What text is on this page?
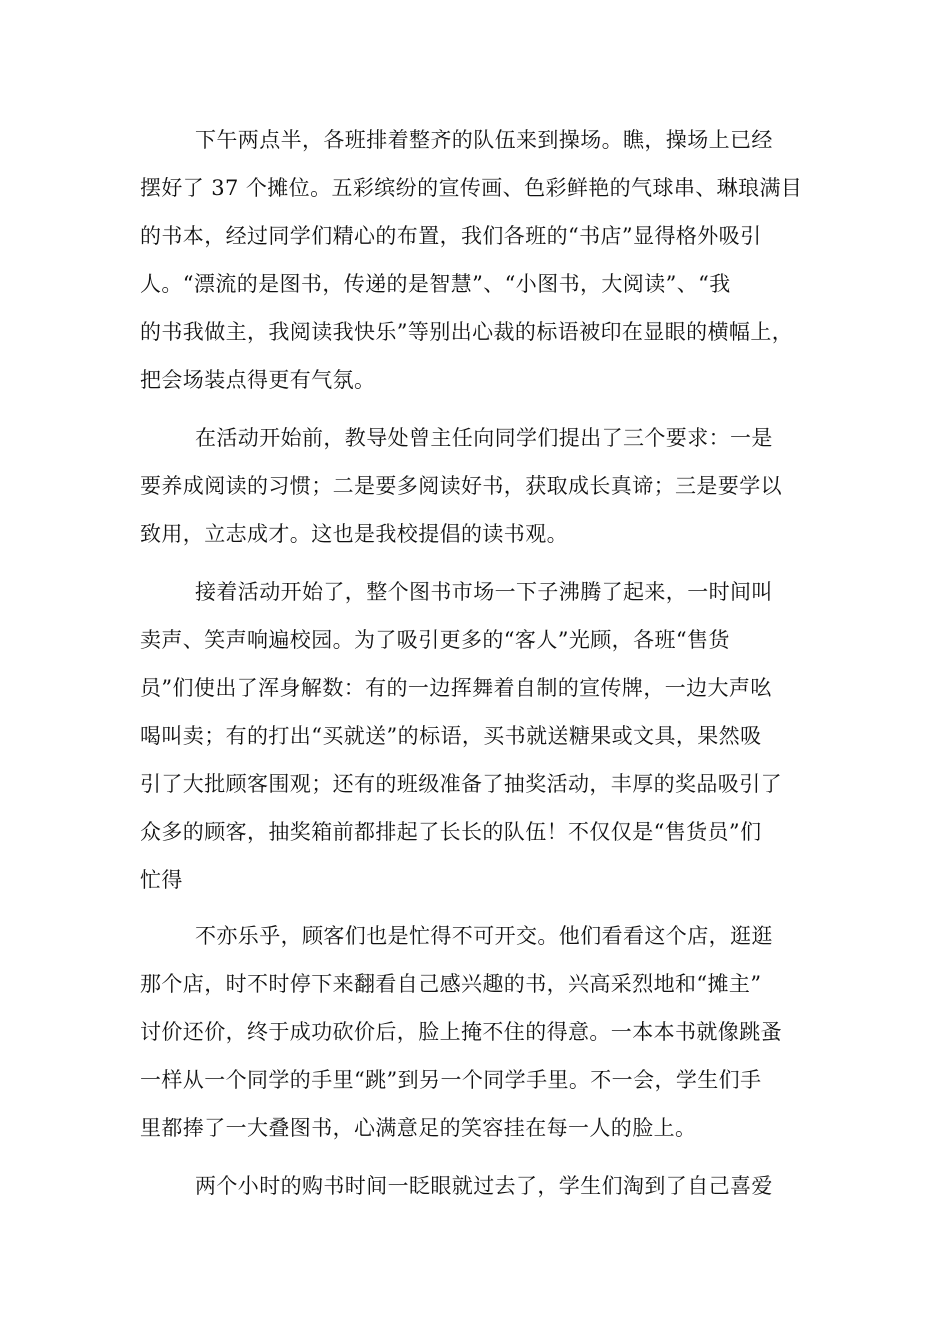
下午两点半，各班排着整齐的队伍来到操场。瞧，操场上已经

摆好了 37 个摊位。五彩缤纷的宣传画、色彩鲜艳的气球串、琳琅满目

的书本，经过同学们精心的布置，我们各班的“书店”显得格外吸引

人。“漂流的是图书，传递的是智慧”、“小图书，大阅读”、“我

的书我做主，我阅读我快乐”等别出心裁的标语被印在显眼的横幅上，

把会场装点得更有气氛。

在活动开始前，教导处曾主任向同学们提出了三个要求：一是

要养成阅读的习惯；二是要多阅读好书，获取成长真谛；三是要学以

致用，立志成才。这也是我校提倡的读书观。

接着活动开始了，整个图书市场一下子沸腾了起来，一时间叫

卖声、笑声响遍校园。为了吸引更多的“客人”光顾，各班“售货

员”们使出了浑身解数：有的一边挥舞着自制的宣传牌，一边大声吆

喝叫卖；有的打出“买就送”的标语，买书就送糖果或文具，果然吸

引了大批顾客围观；还有的班级准备了抽奖活动，丰厚的奖品吸引了

众多的顾客，抽奖箱前都排起了长长的队伍！不仅仅是“售货员”们

忙得

不亦乐乎，顾客们也是忙得不可开交。他们看看这个店，逛逛

那个店，时不时停下来翻看自己感兴趣的书，兴高采烈地和“摊主”

讨价还价，终于成功砍价后，脸上掩不住的得意。一本本书就像跳蚤

一样从一个同学的手里“跳”到另一个同学手里。不一会，学生们手

里都捧了一大叠图书，心满意足的笑容挂在每一人的脸上。

两个小时的购书时间一眨眼就过去了，学生们淘到了自己喜爱
